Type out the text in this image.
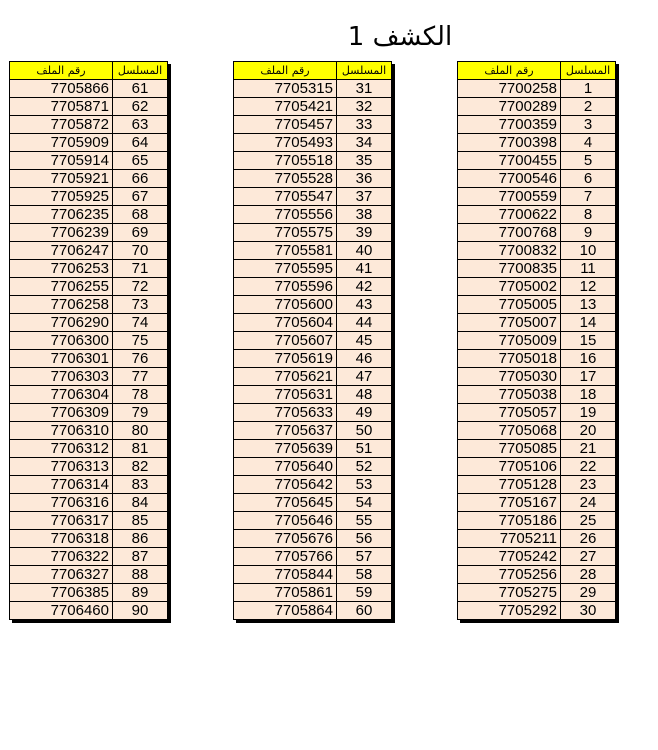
الكشف 1
رقم الملف	المسلسل
7705866	61
7705871	62
7705872	63
7705909	64
7705914	65
7705921	66
7705925	67
7706235	68
7706239	69
7706247	70
7706253	71
7706255	72
7706258	73
7706290	74
7706300	75
7706301	76
7706303	77
7706304	78
7706309	79
7706310	80
7706312	81
7706313	82
7706314	83
7706316	84
7706317	85
7706318	86
7706322	87
7706327	88
7706385	89
7706460	90
رقم الملف	المسلسل
7705315	31
7705421	32
7705457	33
7705493	34
7705518	35
7705528	36
7705547	37
7705556	38
7705575	39
7705581	40
7705595	41
7705596	42
7705600	43
7705604	44
7705607	45
7705619	46
7705621	47
7705631	48
7705633	49
7705637	50
7705639	51
7705640	52
7705642	53
7705645	54
7705646	55
7705676	56
7705766	57
7705844	58
7705861	59
7705864	60
رقم الملف	المسلسل
7700258	1
7700289	2
7700359	3
7700398	4
7700455	5
7700546	6
7700559	7
7700622	8
7700768	9
7700832	10
7700835	11
7705002	12
7705005	13
7705007	14
7705009	15
7705018	16
7705030	17
7705038	18
7705057	19
7705068	20
7705085	21
7705106	22
7705128	23
7705167	24
7705186	25
7705211	26
7705242	27
7705256	28
7705275	29
7705292	30
